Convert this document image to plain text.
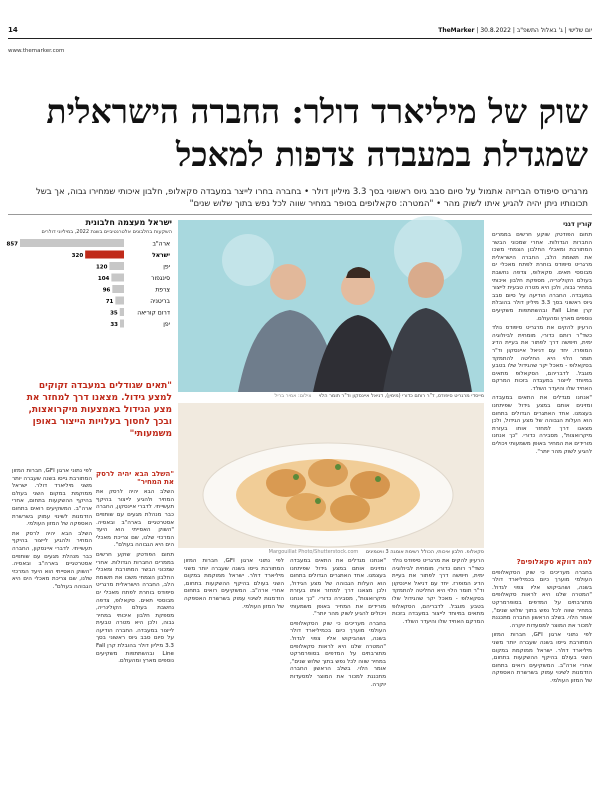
14	TheMarker | יום שלישי | ג' באלול התשפ"ב | 30.8.2022
www.themarker.com
שוק של מיליארד דולר: החברה הישראלית
שמגדלת במעבדה צדפות למאכל
מרגריט סיפודס הבריזה אתמול על סיום סבב גיוס ראשוני בסך 3.3 מיליון דולר • בחברה בחרו לייצר במעבדה סקאלופ, חלבון איכותי שמחירו גבוה, אך בשל תכונותיו ניתן יהיה להגיע איתו לשוק מהר • "המטרה: סקאלופים בסופר במחיר שווה לכל נפש בתוך שלוש שנים"
קורין דגני

תחום הפודטק שוקע חרשים בממרים החברות הגדולות. אחרי שמכוני הבשר המתורבת ומאכלי החלבון הצמחי משכו את תשומת הלב, החברה הישראלית מרגריט סיפודס בוחרת לפתח מאכלי ים מבוססי תאים. סקאלופ, צדפה נחשבת בעולם הקולינריה, מספקת חלבון איכותי במחיר גבוה, ולכן היא מטרה טבעית לייצור במעבדה. החברה הודיעה על סיום סבב גיוס ראשוני בסך 3.3 מיליון דולר בהובלת קרן Fall Line ובהשתתפות משקיעים נוספים מארץ ומהעולם.

הרעיון להקים את מרגריט סיפודס נולד כשד"ר רותם כדורי, מומחית לביולוגיה ימית, חיפשה דרך לפתור את בעיית הדיג המופרז. יחד עם דניאל איינסקון וד"ר תומר הלוי היא החליטה להתמקד בסקאלופ - מאכל יקר שהגידול שלו בטבע מוגבל. לדבריהם, הסקאלופ מתאים במיוחד לייצור במעבדה בזכות המרקם האחיד שלו והיעדר השלד.

"אנחנו מגדלים את התאים במעבדה ומזינים אותם במצע גידול שפיתחנו בעצמנו. אחד האתגרים הגדולים בתחום הוא העלות הגבוהה של מצע הגידול, ולכן מצאנו דרך למחזר אותו בעזרת מיקרואצות", מסבירה כדורי. "כך אנחנו מורידים את המחיר באופן משמעותי ויכולים להגיע לשוק מהר יותר".

למה דווקא סקאלופים?

בחברה מעריכים כי שוק הסקאלופים העולמי מוערך כיום בכמיליארד דולר בשנה, ושהביקוש אליו צפוי לגדול. "המטרה שלנו היא לראות סקאלופים מתורבתים על המדפים בסופרמרקט במחיר שווה לכל נפש בתוך שלוש שנים", אומר הלוי. בשלב הראשון החברה מתכננת למכור את המוצר למסעדות יוקרה.

לפי נתוני ארגון GFI, חברות המזון המתורבת גייסו בשנה שעברה יותר משני מיליארד דולר. ישראל ממוקמת במקום השני בעולם בהיקף ההשקעות בתחום, אחרי ארה"ב. המשקיעים רואים בתחום הזדמנות לשינוי עמוק בשרשרת האספקה של המזון העולמי.

מייסדי מרגריט סיפודס, ד"ר רותם כדורי (מימין), דניאל איינסקון וד"ר תומר הלוי צילום: אמיר בריל
סקאלופ. חלבון איכותי, הכולל רשימת אומגה 3 וויטמינים Margouillat Photo/Shutterstock.com

הרעיון להקים את מרגריט סיפודס נולד כשד"ר רותם כדורי, מומחית לביולוגיה ימית, חיפשה דרך לפתור את בעיית הדיג המופרז. יחד עם דניאל איינסקון וד"ר תומר הלוי היא החליטה להתמקד בסקאלופ - מאכל יקר שהגידול שלו בטבע מוגבל. לדבריהם, הסקאלופ מתאים במיוחד לייצור במעבדה בזכות המרקם האחיד שלו והיעדר השלד.

"אנחנו מגדלים את התאים במעבדה ומזינים אותם במצע גידול שפיתחנו בעצמנו. אחד האתגרים הגדולים בתחום הוא העלות הגבוהה של מצע הגידול, ולכן מצאנו דרך למחזר אותו בעזרת מיקרואצות", מסבירה כדורי. "כך אנחנו מורידים את המחיר באופן משמעותי ויכולים להגיע לשוק מהר יותר".

בחברה מעריכים כי שוק הסקאלופים העולמי מוערך כיום בכמיליארד דולר בשנה, ושהביקוש אליו צפוי לגדול. "המטרה שלנו היא לראות סקאלופים מתורבתים על המדפים בסופרמרקט במחיר שווה לכל נפש בתוך שלוש שנים", אומר הלוי. בשלב הראשון החברה מתכננת למכור את המוצר למסעדות יוקרה.

לפי נתוני ארגון GFI, חברות המזון המתורבת גייסו בשנה שעברה יותר משני מיליארד דולר. ישראל ממוקמת במקום השני בעולם בהיקף ההשקעות בתחום, אחרי ארה"ב. המשקיעים רואים בתחום הזדמנות לשינוי עמוק בשרשרת האספקה של המזון העולמי.

ישראל מעצמה חלבונית
השקעות בחלבונים אלטרנטיביים בשנת 2022, במיליוני דולרים
857	ארה"ב
320	ישראל
120	יפן
104	סינגפור
96	צרפת
71	בריטניה
35	דרום קוריאה
33	יפן
"תאים שגודלים במעבדה זקוקים למצע גידול. מצאנו דרך למחזר את מצע הגידול באמצעות מיקרואצות, ובכך לחסוך בעלויות הייצור באופן משמעותי"
"השלב הבא יהיה לרסק את המחיר"

השלב הבא יהיה לרסק את המחיר ולהגיע לייצור בהיקף תעשייתי. לדברי איינסקון, החברה כבר מנהלת מגעים עם שותפים אסטרטגיים בארה"ב ובאסיה. "השוק האסייתי הוא היעד המרכזי שלנו, שם צריכת מאכלי הים היא הגבוהה בעולם".

תחום הפודטק שוקע חרשים בממרים החברות הגדולות. אחרי שמכוני הבשר המתורבת ומאכלי החלבון הצמחי משכו את תשומת הלב, החברה הישראלית מרגריט סיפודס בוחרת לפתח מאכלי ים מבוססי תאים. סקאלופ, צדפה נחשבת בעולם הקולינריה, מספקת חלבון איכותי במחיר גבוה, ולכן היא מטרה טבעית לייצור במעבדה. החברה הודיעה על סיום סבב גיוס ראשוני בסך 3.3 מיליון דולר בהובלת קרן Fall Line ובהשתתפות משקיעים נוספים מארץ ומהעולם.

לפי נתוני ארגון GFI, חברות המזון המתורבת גייסו בשנה שעברה יותר משני מיליארד דולר. ישראל ממוקמת במקום השני בעולם בהיקף ההשקעות בתחום, אחרי ארה"ב. המשקיעים רואים בתחום הזדמנות לשינוי עמוק בשרשרת האספקה של המזון העולמי.

השלב הבא יהיה לרסק את המחיר ולהגיע לייצור בהיקף תעשייתי. לדברי איינסקון, החברה כבר מנהלת מגעים עם שותפים אסטרטגיים בארה"ב ובאסיה. "השוק האסייתי הוא היעד המרכזי שלנו, שם צריכת מאכלי הים היא הגבוהה בעולם".
